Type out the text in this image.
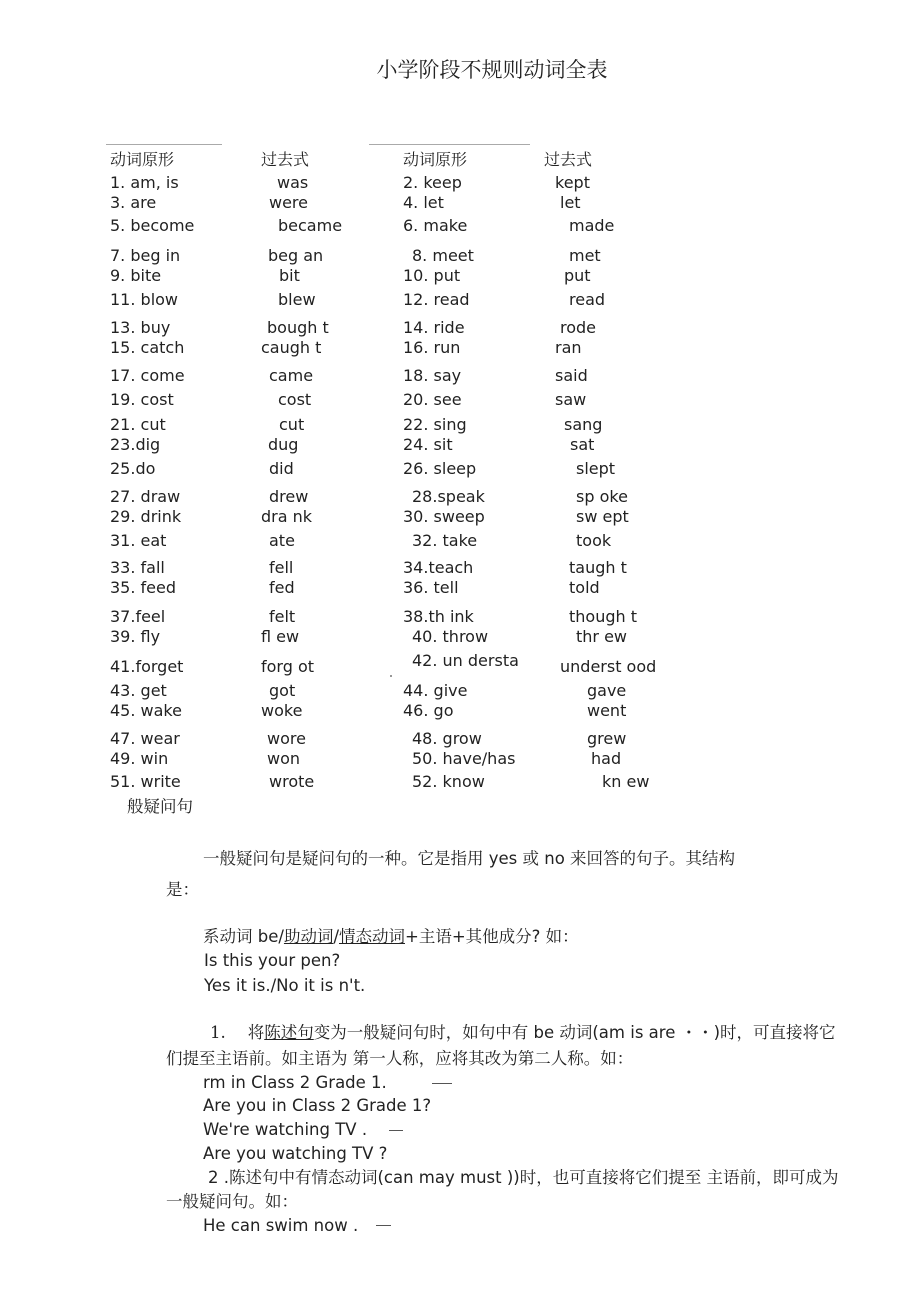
小学阶段不规则动词全表
动词原形	过去式	动词原形	过去式
1. am, is	was	2. keep	kept
3. are	were	4. let	let
5. become	became	6. make	made
7. beg in	beg an	8. meet	met
9. bite	bit	10. put	put
11. blow	blew	12. read	read
13. buy	bough t	14. ride	rode
15. catch	caugh t	16. run	ran
17. come	came	18. say	said
19. cost	cost	20. see	saw
21. cut	cut	22. sing	sang
23.dig	dug	24. sit	sat
25.do	did	26. sleep	slept
27. draw	drew	28.speak	sp oke
29. drink	dra nk	30. sweep	sw ept
31. eat	ate	32. take	took
33. fall	fell	34.teach	taugh t
35. feed	fed	36. tell	told
37.feel	felt	38.th ink	though t
39. fly	fl ew	40. throw	thr ew
41.forget	forg ot	42. un dersta	underst ood
43. get	got	44. give	gave
45. wake	woke	46. go	went
47. wear	wore	48. grow	grew
49. win	won	50. have/has	had
51. write	wrote	52. know	kn ew
般疑问句
一般疑问句是疑问句的一种。它是指用 yes 或 no 来回答的句子。其结构
是：
系动词 be/助动词/情态动词+主语+其他成分? 如：
Is this your pen?
Yes it is./No it is n't.
1. 将陈述句变为一般疑问句时，如句中有 be 动词(am is are ・・)时，可直接将它
们提至主语前。如主语为 第一人称，应将其改为第二人称。如：
rm in Class 2 Grade 1.
Are you in Class 2 Grade 1?
We're watching TV .
Are you watching TV ?
2 .陈述句中有情态动词(can may must ))时，也可直接将它们提至 主语前，即可成为
一般疑问句。如：
He can swim now .
